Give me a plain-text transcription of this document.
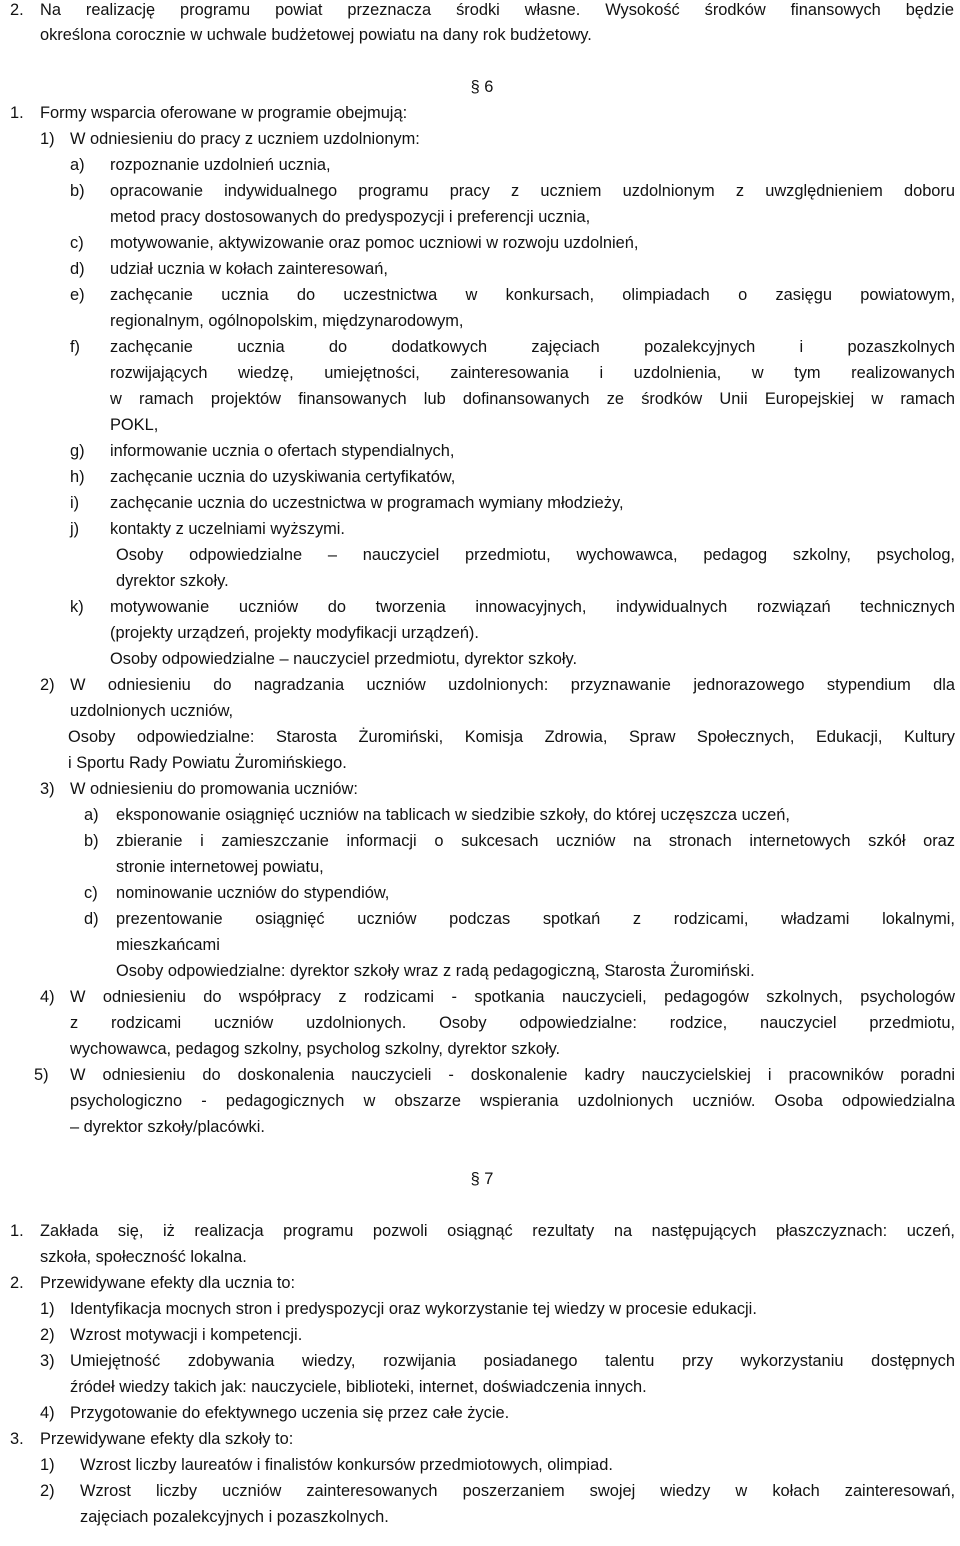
2. Na realizację programu powiat przeznacza środki własne. Wysokość środków finansowych będzie
określona corocznie w uchwale budżetowej powiatu na dany rok budżetowy.
§ 6
1. Formy wsparcia oferowane w programie obejmują:
1) W odniesieniu do pracy z uczniem uzdolnionym:
a) rozpoznanie uzdolnień ucznia,
b) opracowanie indywidualnego programu pracy z uczniem uzdolnionym z uwzględnieniem doboru
metod pracy dostosowanych do predyspozycji i preferencji ucznia,
c) motywowanie, aktywizowanie oraz pomoc uczniowi w rozwoju uzdolnień,
d) udział ucznia w kołach zainteresowań,
e) zachęcanie ucznia do uczestnictwa w konkursach, olimpiadach o zasięgu powiatowym,
regionalnym, ogólnopolskim, międzynarodowym,
f) zachęcanie ucznia do dodatkowych zajęciach pozalekcyjnych i pozaszkolnych
rozwijających wiedzę, umiejętności, zainteresowania i uzdolnienia, w tym realizowanych
w ramach projektów finansowanych lub dofinansowanych ze środków Unii Europejskiej w ramach
POKL,
g) informowanie ucznia o ofertach stypendialnych,
h) zachęcanie ucznia do uzyskiwania certyfikatów,
i) zachęcanie ucznia do uczestnictwa w programach wymiany młodzieży,
j) kontakty z uczelniami wyższymi.
Osoby odpowiedzialne – nauczyciel przedmiotu, wychowawca, pedagog szkolny, psycholog,
dyrektor szkoły.
k) motywowanie uczniów do tworzenia innowacyjnych, indywidualnych rozwiązań technicznych
(projekty urządzeń, projekty modyfikacji urządzeń).
Osoby odpowiedzialne – nauczyciel przedmiotu, dyrektor szkoły.
2) W odniesieniu do nagradzania uczniów uzdolnionych: przyznawanie jednorazowego stypendium dla
uzdolnionych uczniów,
Osoby odpowiedzialne: Starosta Żuromiński, Komisja Zdrowia, Spraw Społecznych, Edukacji, Kultury
i Sportu Rady Powiatu Żuromińskiego.
3) W odniesieniu do promowania uczniów:
a) eksponowanie osiągnięć uczniów na tablicach w siedzibie szkoły, do której uczęszcza uczeń,
b) zbieranie i zamieszczanie informacji o sukcesach uczniów na stronach internetowych szkół oraz
stronie internetowej powiatu,
c) nominowanie uczniów do stypendiów,
d) prezentowanie osiągnięć uczniów podczas spotkań z rodzicami, władzami lokalnymi,
mieszkańcami
Osoby odpowiedzialne: dyrektor szkoły wraz z radą pedagogiczną, Starosta Żuromiński.
4) W odniesieniu do współpracy z rodzicami - spotkania nauczycieli, pedagogów szkolnych, psychologów
z rodzicami uczniów uzdolnionych. Osoby odpowiedzialne: rodzice, nauczyciel przedmiotu,
wychowawca, pedagog szkolny, psycholog szkolny, dyrektor szkoły.
5) W odniesieniu do doskonalenia nauczycieli - doskonalenie kadry nauczycielskiej i pracowników poradni
psychologiczno - pedagogicznych w obszarze wspierania uzdolnionych uczniów. Osoba odpowiedzialna
– dyrektor szkoły/placówki.
§ 7
1. Zakłada się, iż realizacja programu pozwoli osiągnąć rezultaty na następujących płaszczyznach: uczeń,
szkoła, społeczność lokalna.
2. Przewidywane efekty dla ucznia to:
1) Identyfikacja mocnych stron i predyspozycji oraz wykorzystanie tej wiedzy w procesie edukacji.
2) Wzrost motywacji i kompetencji.
3) Umiejętność zdobywania wiedzy, rozwijania posiadanego talentu przy wykorzystaniu dostępnych
źródeł wiedzy takich jak: nauczyciele, biblioteki, internet, doświadczenia innych.
4) Przygotowanie do efektywnego uczenia się przez całe życie.
3. Przewidywane efekty dla szkoły to:
1) Wzrost liczby laureatów i finalistów konkursów przedmiotowych, olimpiad.
2) Wzrost liczby uczniów zainteresowanych poszerzaniem swojej wiedzy w kołach zainteresowań,
zajęciach pozalekcyjnych i pozaszkolnych.
